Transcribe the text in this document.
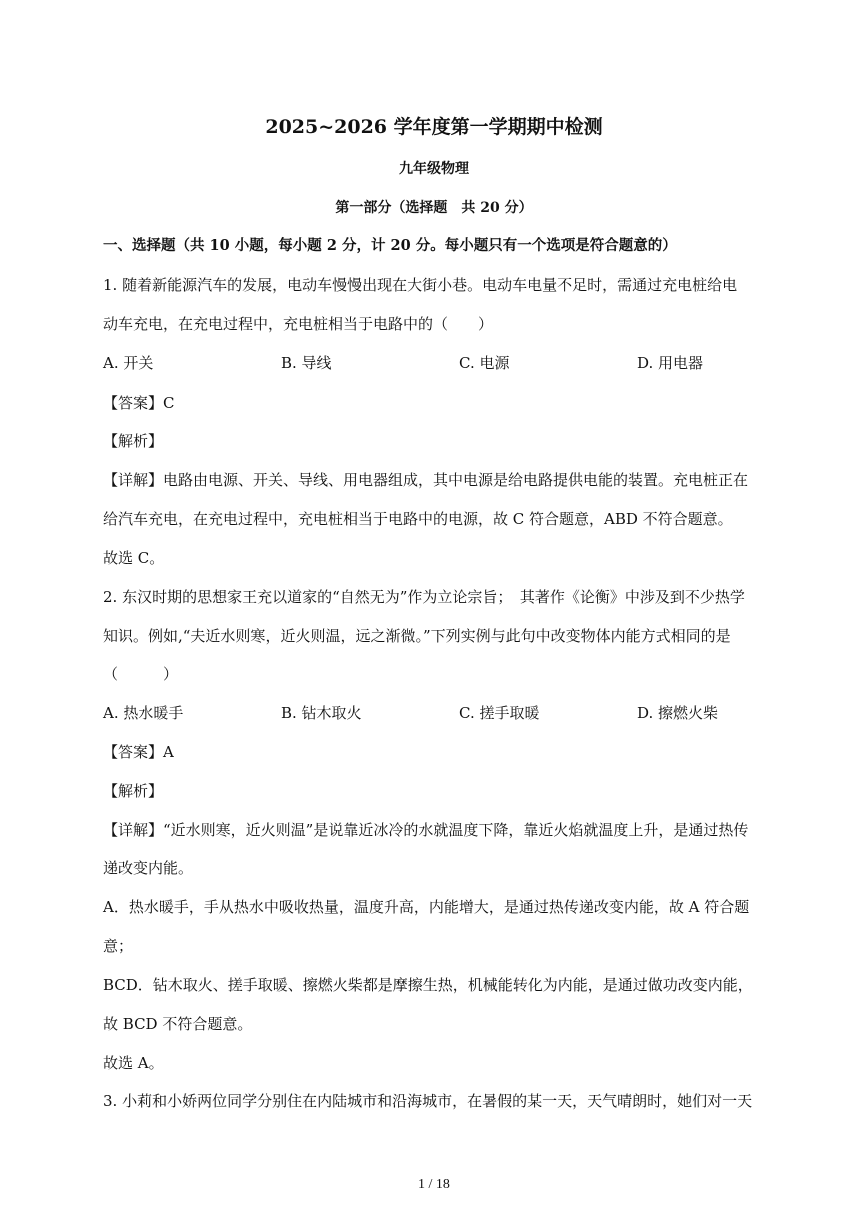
2025~2026 学年度第一学期期中检测
九年级物理
第一部分（选择题　共 20 分）
一、选择题（共 10 小题，每小题 2 分，计 20 分。每小题只有一个选项是符合题意的）
1. 随着新能源汽车的发展，电动车慢慢出现在大街小巷。电动车电量不足时，需通过充电桩给电
动车充电，在充电过程中，充电桩相当于电路中的（　　）
A. 开关	B. 导线	C. 电源	D. 用电器
【答案】C
【解析】
【详解】电路由电源、开关、导线、用电器组成，其中电源是给电路提供电能的装置。充电桩正在
给汽车充电，在充电过程中，充电桩相当于电路中的电源，故 C 符合题意，ABD 不符合题意。
故选 C。
2. 东汉时期的思想家王充以道家的“自然无为”作为立论宗旨；　其著作《论衡》中涉及到不少热学
知识。例如,“夫近水则寒，近火则温，远之渐微。”下列实例与此句中改变物体内能方式相同的是
（　　　）
A. 热水暖手	B. 钻木取火	C. 搓手取暖	D. 擦燃火柴
【答案】A
【解析】
【详解】“近水则寒，近火则温”是说靠近冰冷的水就温度下降，靠近火焰就温度上升，是通过热传
递改变内能。
A．热水暖手，手从热水中吸收热量，温度升高，内能增大，是通过热传递改变内能，故 A 符合题
意；
BCD．钻木取火、搓手取暖、擦燃火柴都是摩擦生热，机械能转化为内能，是通过做功改变内能，
故 BCD 不符合题意。
故选 A。
3. 小莉和小娇两位同学分别住在内陆城市和沿海城市，在暑假的某一天，天气晴朗时，她们对一天
1 / 18
